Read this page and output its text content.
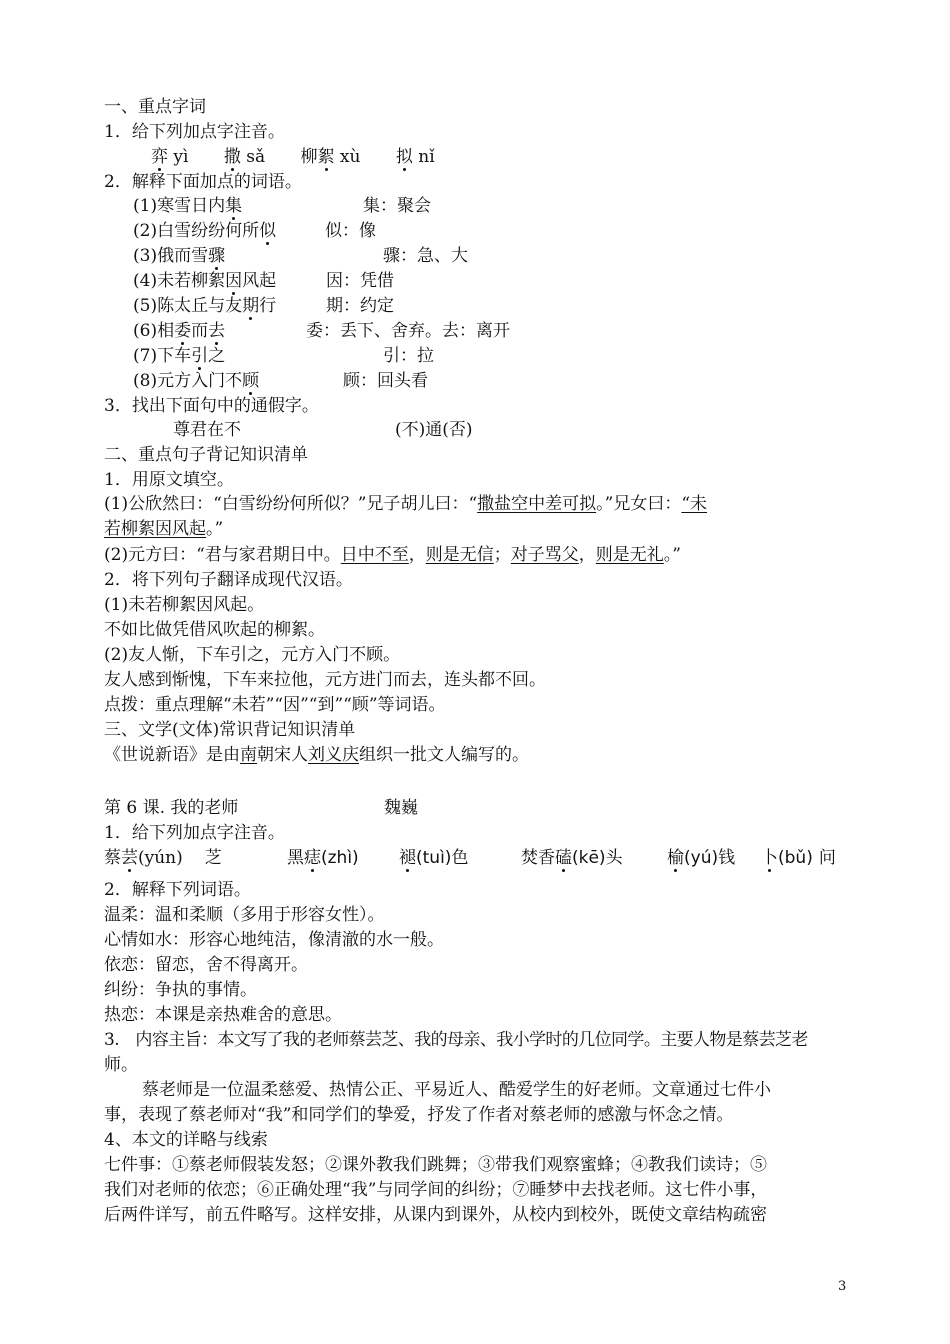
一、重点字词
1．给下列加点字注音。
弈 yì 撒 sǎ 柳絮 xù 拟 nǐ
2．解释下面加点的词语。
(1)寒雪日内集	集：聚会
(2)白雪纷纷何所似	似：像
(3)俄而雪骤	骤：急、大
(4)未若柳絮因风起	因：凭借
(5)陈太丘与友期行	期：约定
(6)相委而去	委：丢下、舍弃。去：离开
(7)下车引之	引：拉
(8)元方入门不顾	顾：回头看
3．找出下面句中的通假字。
尊君在不	(不)通(否)
二、重点句子背记知识清单
1．用原文填空。
(1)公欣然曰：“白雪纷纷何所似？”兄子胡儿曰：“撒盐空中差可拟。”兄女曰：“未
若柳絮因风起。”
(2)元方曰：“君与家君期日中。日中不至，则是无信；对子骂父，则是无礼。”
2．将下列句子翻译成现代汉语。
(1)未若柳絮因风起。
不如比做凭借风吹起的柳絮。
(2)友人惭，下车引之，元方入门不顾。
友人感到惭愧，下车来拉他，元方进门而去，连头都不回。
点拨：重点理解“未若”“因”“到”“顾”等词语。
三、文学(文体)常识背记知识清单
《世说新语》是由南朝宋人刘义庆组织一批文人编写的。
第 6 课. 我的老师	魏巍
1．给下列加点字注音。
蔡芸(yún) 芝	黑痣(zhì) 褪(tuì)色	焚香磕(kē)头	榆(yú)钱 卜(bǔ) 问
2．解释下列词语。
温柔：温和柔顺（多用于形容女性）。
心情如水：形容心地纯洁，像清澈的水一般。
依恋：留恋，舍不得离开。
纠纷：争执的事情。
热恋：本课是亲热难舍的意思。
3.　内容主旨：本文写了我的老师蔡芸芝、我的母亲、我小学时的几位同学。主要人物是蔡芸芝老
师。
蔡老师是一位温柔慈爱、热情公正、平易近人、酷爱学生的好老师。文章通过七件小
事，表现了蔡老师对“我”和同学们的挚爱，抒发了作者对蔡老师的感激与怀念之情。
4、本文的详略与线索
七件事：①蔡老师假装发怒；②课外教我们跳舞；③带我们观察蜜蜂；④教我们读诗；⑤
我们对老师的依恋；⑥正确处理“我”与同学间的纠纷；⑦睡梦中去找老师。这七件小事，
后两件详写，前五件略写。这样安排，从课内到课外，从校内到校外，既使文章结构疏密
3
